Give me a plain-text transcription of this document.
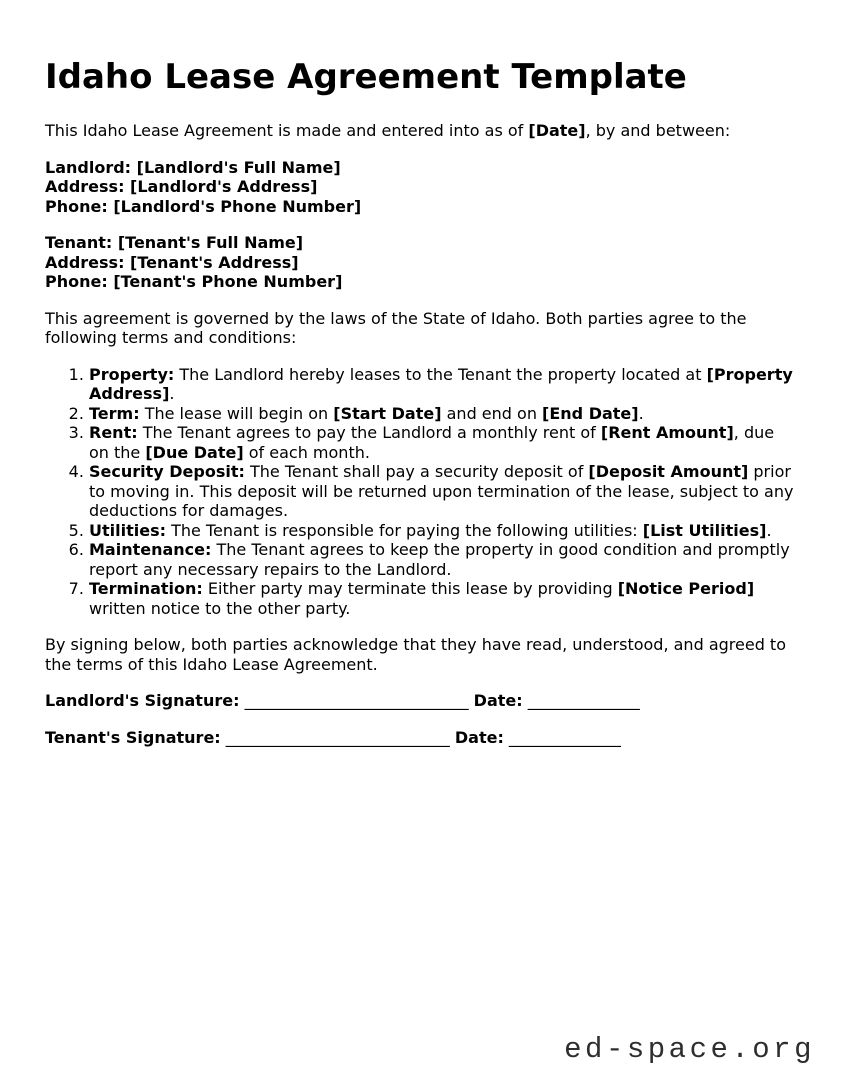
Idaho Lease Agreement Template

This Idaho Lease Agreement is made and entered into as of [Date], by and between:

Landlord: [Landlord's Full Name]
Address: [Landlord's Address]
Phone: [Landlord's Phone Number]

Tenant: [Tenant's Full Name]
Address: [Tenant's Address]
Phone: [Tenant's Phone Number]

This agreement is governed by the laws of the State of Idaho. Both parties agree to the following terms and conditions:

1. Property: The Landlord hereby leases to the Tenant the property located at [Property Address].
2. Term: The lease will begin on [Start Date] and end on [End Date].
3. Rent: The Tenant agrees to pay the Landlord a monthly rent of [Rent Amount], due on the [Due Date] of each month.
4. Security Deposit: The Tenant shall pay a security deposit of [Deposit Amount] prior to moving in. This deposit will be returned upon termination of the lease, subject to any deductions for damages.
5. Utilities: The Tenant is responsible for paying the following utilities: [List Utilities].
6. Maintenance: The Tenant agrees to keep the property in good condition and promptly report any necessary repairs to the Landlord.
7. Termination: Either party may terminate this lease by providing [Notice Period] written notice to the other party.

By signing below, both parties acknowledge that they have read, understood, and agreed to the terms of this Idaho Lease Agreement.

Landlord's Signature: ____________________________ Date: ______________

Tenant's Signature: ____________________________ Date: ______________

ed-space.org
